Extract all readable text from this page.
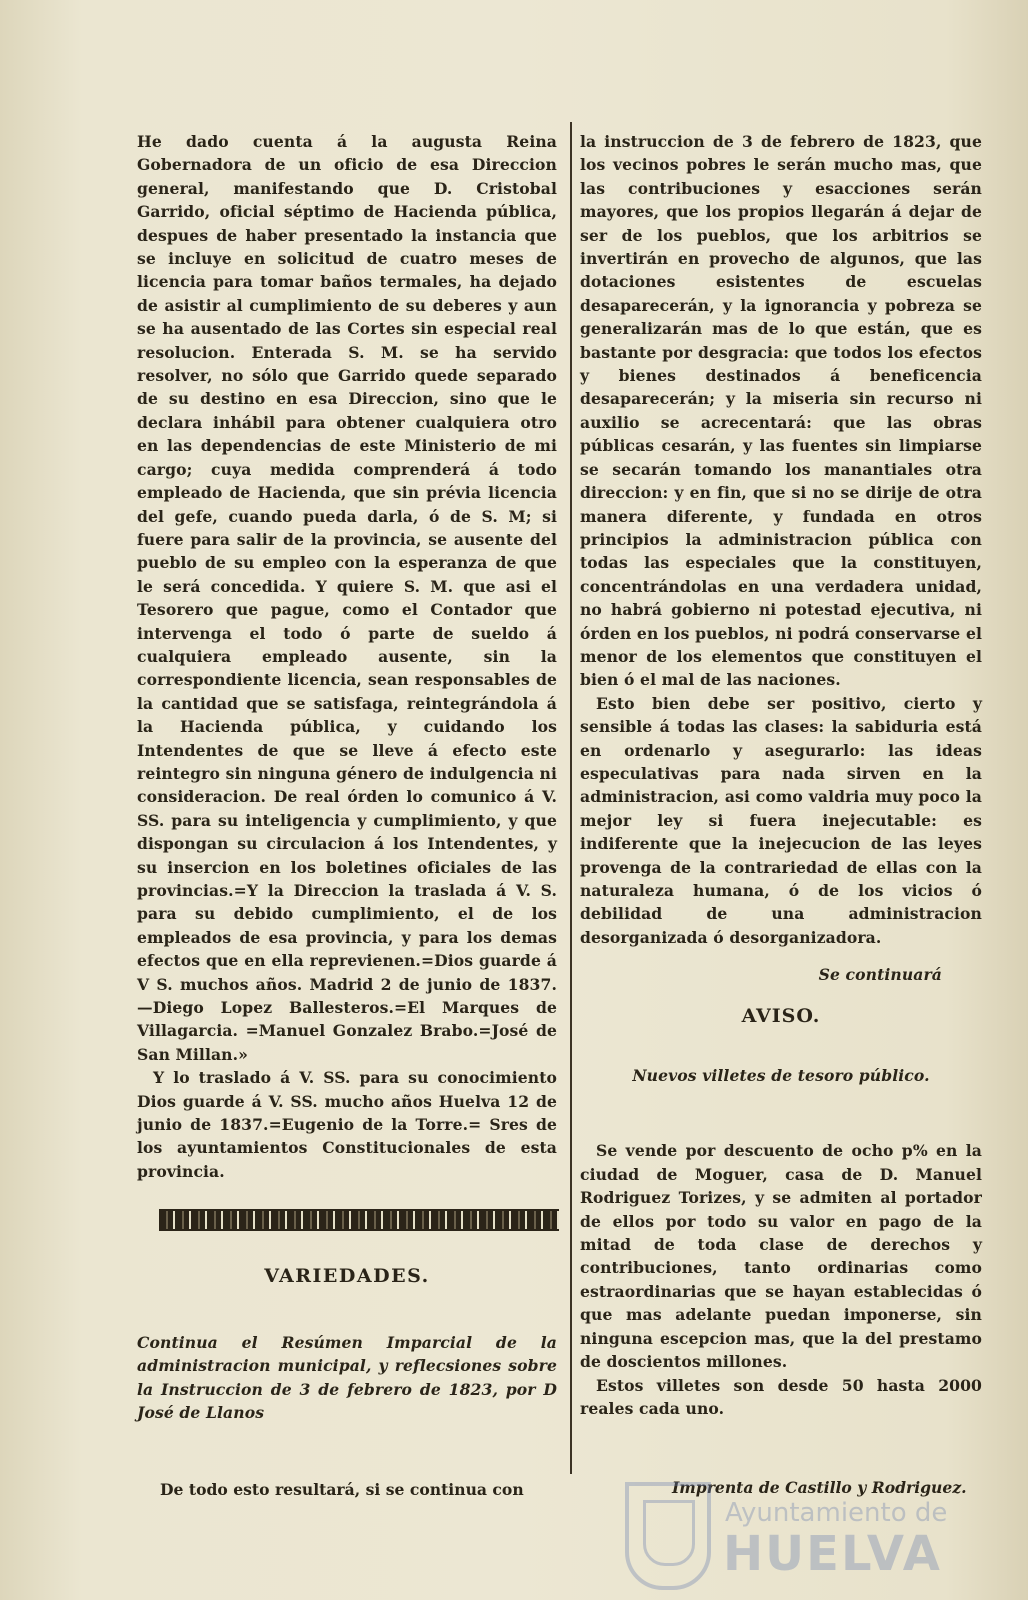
He dado cuenta á la augusta Reina Gobernadora de un oficio de esa Direccion general, manifestando que D. Cristobal Garrido, oficial séptimo de Hacienda pública, despues de haber presentado la instancia que se incluye en solicitud de cuatro meses de licencia para tomar baños termales, ha dejado de asistir al cumplimiento de su deberes y aun se ha ausentado de las Cortes sin especial real resolucion. Enterada S. M. se ha servido resolver, no sólo que Garrido quede separado de su destino en esa Direccion, sino que le declara inhábil para obtener cualquiera otro en las dependencias de este Ministerio de mi cargo; cuya medida comprenderá á todo empleado de Hacienda, que sin prévia licencia del gefe, cuando pueda darla, ó de S. M; si fuere para salir de la provincia, se ausente del pueblo de su empleo con la esperanza de que le será concedida. Y quiere S. M. que asi el Tesorero que pague, como el Contador que intervenga el todo ó parte de sueldo á cualquiera empleado ausente, sin la correspondiente licencia, sean responsables de la cantidad que se satisfaga, reintegrándola á la Hacienda pública, y cuidando los Intendentes de que se lleve á efecto este reintegro sin ninguna género de indulgencia ni consideracion. De real órden lo comunico á V. SS. para su inteligencia y cumplimiento, y que dispongan su circulacion á los Intendentes, y su insercion en los boletines oficiales de las provincias.=Y la Direccion la traslada á V. S. para su debido cumplimiento, el de los empleados de esa provincia, y para los demas efectos que en ella reprevienen.=Dios guarde á V S. muchos años. Madrid 2 de junio de 1837.—Diego Lopez Ballesteros.=El Marques de Villagarcia. =Manuel Gonzalez Brabo.=José de San Millan.»

Y lo traslado á V. SS. para su conocimiento Dios guarde á V. SS. mucho años Huelva 12 de junio de 1837.=Eugenio de la Torre.= Sres de los ayuntamientos Constitucionales de esta provincia.

VARIEDADES.

Continua el Resúmen Imparcial de la administracion municipal, y reflecsiones sobre la Instruccion de 3 de febrero de 1823, por D José de Llanos

De todo esto resultará, si se continua con

la instruccion de 3 de febrero de 1823, que los vecinos pobres le serán mucho mas, que las contribuciones y esacciones serán mayores, que los propios llegarán á dejar de ser de los pueblos, que los arbitrios se invertirán en provecho de algunos, que las dotaciones esistentes de escuelas desaparecerán, y la ignorancia y pobreza se generalizarán mas de lo que están, que es bastante por desgracia: que todos los efectos y bienes destinados á beneficencia desaparecerán; y la miseria sin recurso ni auxilio se acrecentará: que las obras públicas cesarán, y las fuentes sin limpiarse se secarán tomando los manantiales otra direccion: y en fin, que si no se dirije de otra manera diferente, y fundada en otros principios la administracion pública con todas las especiales que la constituyen, concentrándolas en una verdadera unidad, no habrá gobierno ni potestad ejecutiva, ni órden en los pueblos, ni podrá conservarse el menor de los elementos que constituyen el bien ó el mal de las naciones.

Esto bien debe ser positivo, cierto y sensible á todas las clases: la sabiduria está en ordenarlo y asegurarlo: las ideas especulativas para nada sirven en la administracion, asi como valdria muy poco la mejor ley si fuera inejecutable: es indiferente que la inejecucion de las leyes provenga de la contrariedad de ellas con la naturaleza humana, ó de los vicios ó debilidad de una administracion desorganizada ó desorganizadora.

Se continuará
AVISO.
Nuevos villetes de tesoro público.

Se vende por descuento de ocho p% en la ciudad de Moguer, casa de D. Manuel Rodriguez Torizes, y se admiten al portador de ellos por todo su valor en pago de la mitad de toda clase de derechos y contribuciones, tanto ordinarias como estraordinarias que se hayan establecidas ó que mas adelante puedan imponerse, sin ninguna escepcion mas, que la del prestamo de doscientos millones.

Estos villetes son desde 50 hasta 2000 reales cada uno.

Imprenta de Castillo y Rodriguez.
Ayuntamiento de
HUELVA
